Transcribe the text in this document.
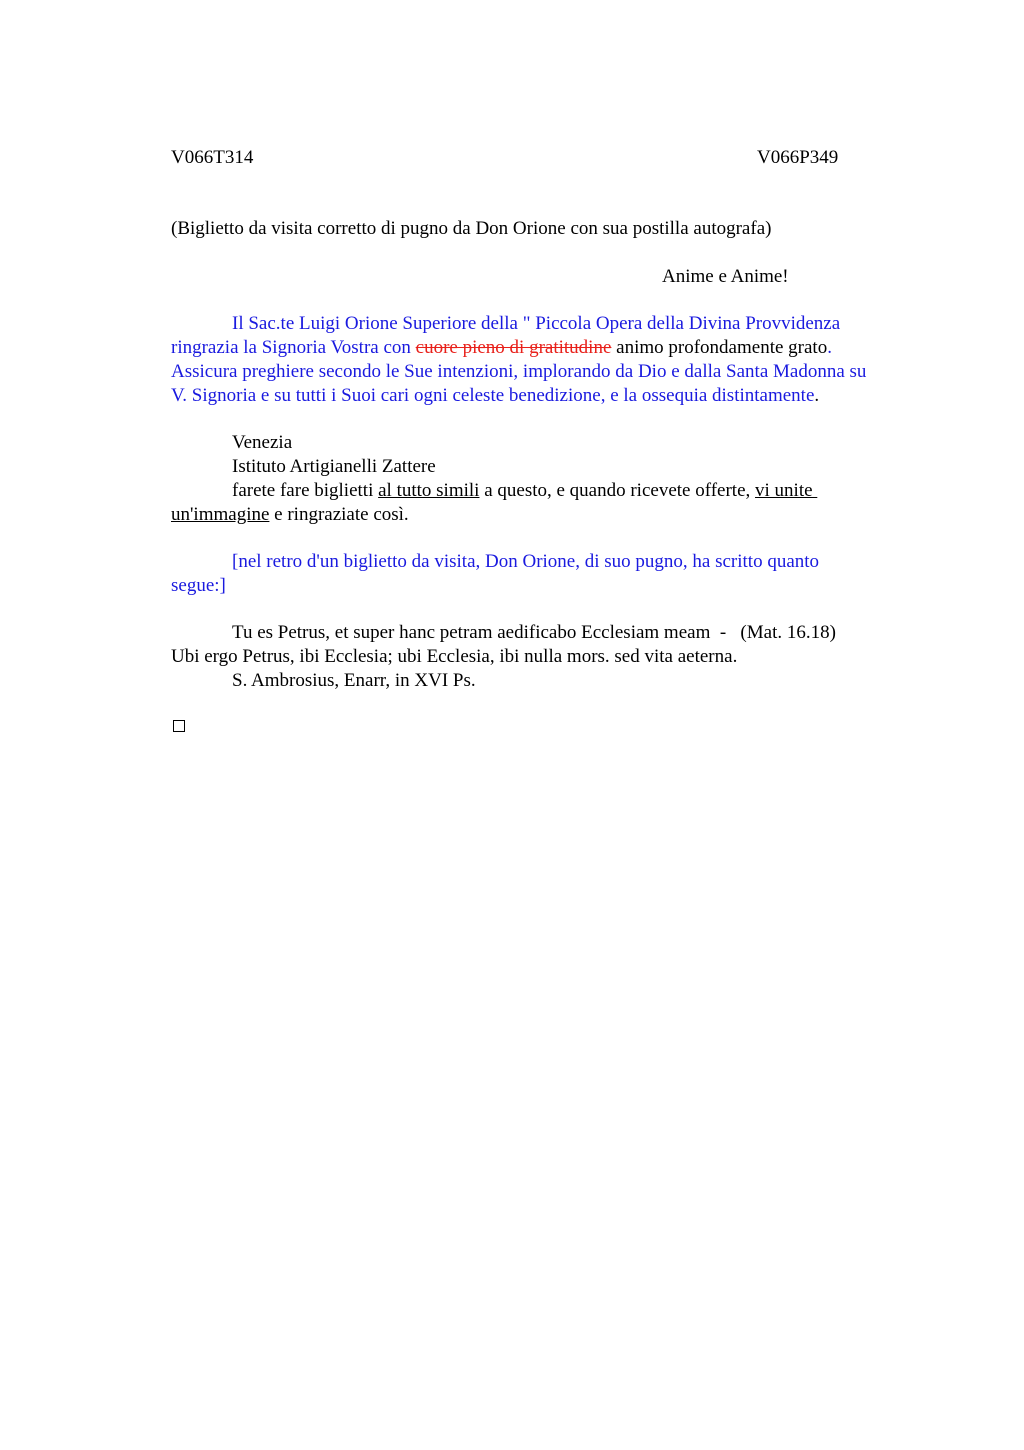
V066T314	V066P349
(Biglietto da visita corretto di pugno da Don Orione con sua postilla autografa)
Anime e Anime!
Il Sac.te Luigi Orione Superiore della " Piccola Opera della Divina Provvidenza
ringrazia la Signoria Vostra con cuore pieno di gratitudine animo profondamente grato.
Assicura preghiere secondo le Sue intenzioni, implorando da Dio e dalla Santa Madonna su
V. Signoria e su tutti i Suoi cari ogni celeste benedizione, e la ossequia distintamente.
Venezia
Istituto Artigianelli Zattere
farete fare biglietti al tutto simili a questo, e quando ricevete offerte, vi unite
un'immagine e ringraziate così.
[nel retro d'un biglietto da visita, Don Orione, di suo pugno, ha scritto quanto
segue:]
Tu es Petrus, et super hanc petram aedificabo Ecclesiam meam  -   (Mat. 16.18)
Ubi ergo Petrus, ibi Ecclesia; ubi Ecclesia, ibi nulla mors. sed vita aeterna.
S. Ambrosius, Enarr, in XVI Ps.
